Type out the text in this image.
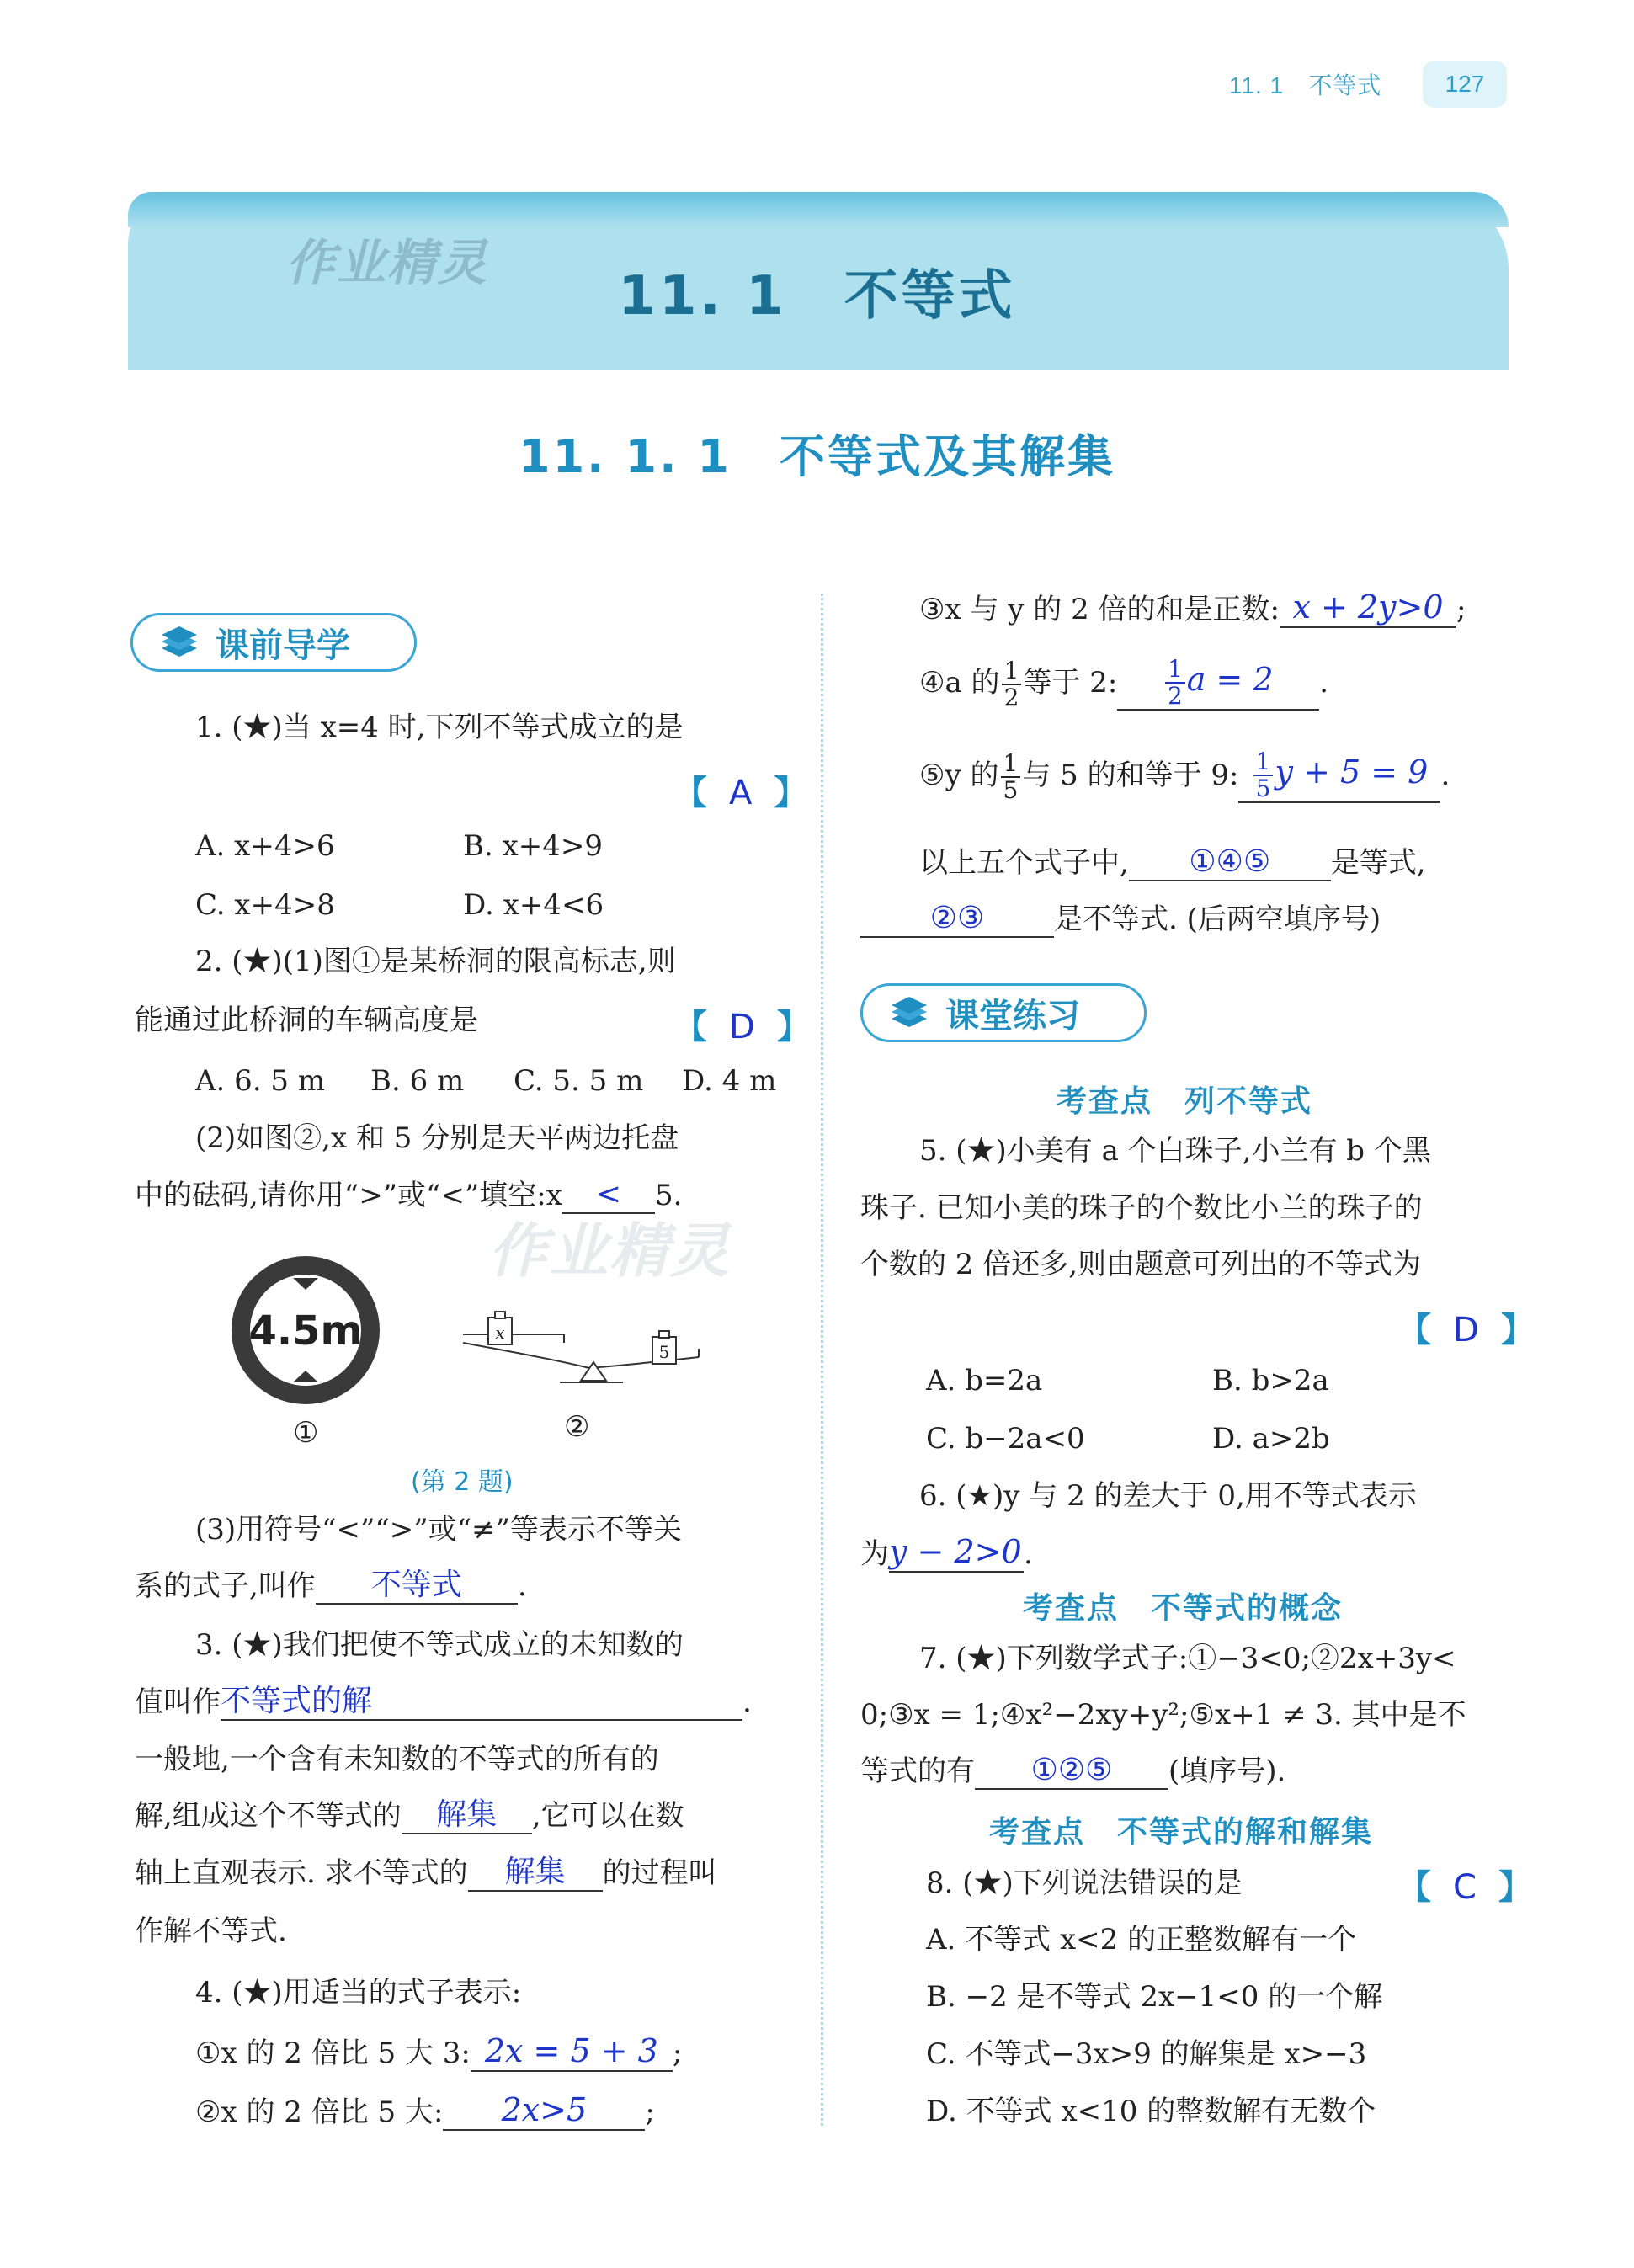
11. 1　不等式	127
作业精灵
11. 1　不等式
11. 1. 1　不等式及其解集
课前导学
1. (★)当 x=4 时,下列不等式成立的是
【 A 】
A. x+4>6	B. x+4>9
C. x+4>8	D. x+4<6
2. (★)(1)图①是某桥洞的限高标志,则
能通过此桥洞的车辆高度是	【 D 】
A. 6. 5 m B. 6 m C. 5. 5 m D. 4 m
(2)如图②,x 和 5 分别是天平两边托盘
中的砝码,请你用“>”或“<”填空:x < 5.
4.5m
①
x
5
②
作业精灵
(第 2 题)
(3)用符号“<”“>”或“≠”等表示不等关
系的式子,叫作 不等式 .
3. (★)我们把使不等式成立的未知数的
值叫作不等式的解	.
一般地,一个含有未知数的不等式的所有的
解,组成这个不等式的 解集 ,它可以在数
轴上直观表示. 求不等式的 解集 的过程叫
作解不等式.
4. (★)用适当的式子表示:
①x 的 2 倍比 5 大 3: 2x = 5 + 3 ;
②x 的 2 倍比 5 大: 2x>5 ;
③x 与 y 的 2 倍的和是正数: x + 2y>0 ;
④a 的 $\frac{1}{2}$ 等于 2: $\frac{1}{2}$ a = 2 .
⑤y 的 $\frac{1}{5}$ 与 5 的和等于 9: $\frac{1}{5}$ y + 5 = 9 .
以上五个式子中, ①④⑤ 是等式,
②③ 是不等式. (后两空填序号)
课堂练习
考查点　列不等式
5. (★)小美有 a 个白珠子,小兰有 b 个黑
珠子. 已知小美的珠子的个数比小兰的珠子的
个数的 2 倍还多,则由题意可列出的不等式为
【 D 】
A. b=2a	B. b>2a
C. b−2a<0	D. a>2b
6. (★)y 与 2 的差大于 0,用不等式表示
为y − 2>0.
考查点　不等式的概念
7. (★)下列数学式子:①−3<0;②2x+3y<
0;③x = 1;④x²−2xy+y²;⑤x+1 ≠ 3. 其中是不
等式的有 ①②⑤ (填序号).
考查点　不等式的解和解集
8. (★)下列说法错误的是	【 C 】
A. 不等式 x<2 的正整数解有一个
B. −2 是不等式 2x−1<0 的一个解
C. 不等式−3x>9 的解集是 x>−3
D. 不等式 x<10 的整数解有无数个
